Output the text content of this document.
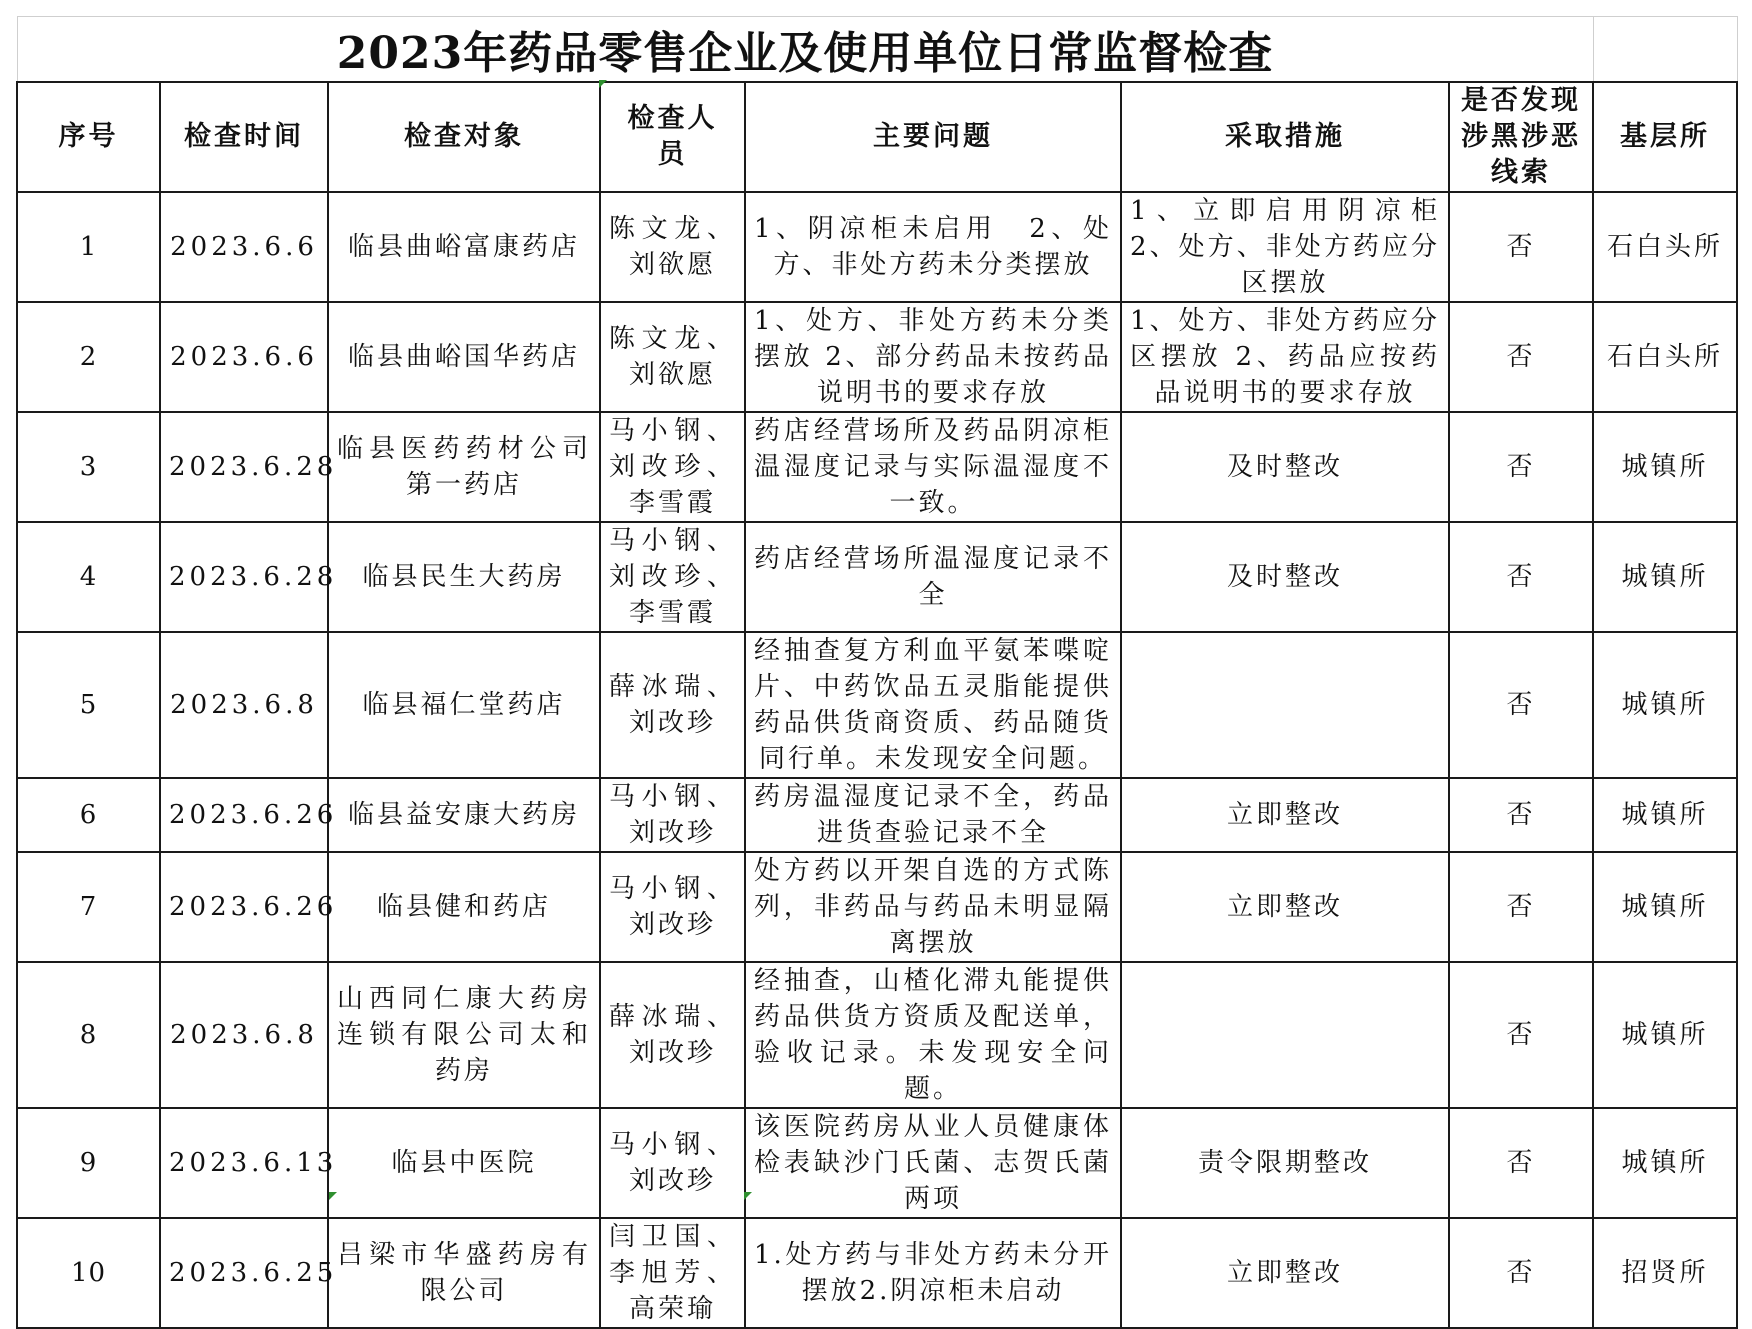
2023年药品零售企业及使用单位日常监督检查							
序号	检查时间	检查对象	检查人员	主要问题	采取措施	是否发现涉黑涉恶线索	基层所
1	2023.6.6	临县曲峪富康药店	陈文龙、刘欲愿	1、阴凉柜未启用　2、处方、非处方药未分类摆放	1、立即启用阴凉柜　2、处方、非处方药应分区摆放	否	石白头所
2	2023.6.6	临县曲峪国华药店	陈文龙、刘欲愿	1、处方、非处方药未分类摆放 2、部分药品未按药品说明书的要求存放	1、处方、非处方药应分区摆放 2、药品应按药品说明书的要求存放	否	石白头所
3	2023.6.28	临县医药药材公司第一药店	马小钢、刘改珍、李雪霞	药店经营场所及药品阴凉柜温湿度记录与实际温湿度不一致。	及时整改	否	城镇所
4	2023.6.28	临县民生大药房	马小钢、刘改珍、李雪霞	药店经营场所温湿度记录不全	及时整改	否	城镇所
5	2023.6.8	临县福仁堂药店	薛冰瑞、刘改珍	经抽查复方利血平氨苯喋啶片、中药饮品五灵脂能提供药品供货商资质、药品随货同行单。未发现安全问题。		否	城镇所
6	2023.6.26	临县益安康大药房	马小钢、刘改珍	药房温湿度记录不全，药品进货查验记录不全	立即整改	否	城镇所
7	2023.6.26	临县健和药店	马小钢、刘改珍	处方药以开架自选的方式陈列，非药品与药品未明显隔离摆放	立即整改	否	城镇所
8	2023.6.8	山西同仁康大药房连锁有限公司太和药房	薛冰瑞、刘改珍	经抽查，山楂化滞丸能提供药品供货方资质及配送单，验收记录。未发现安全问题。		否	城镇所
9	2023.6.13	临县中医院	马小钢、刘改珍	该医院药房从业人员健康体检表缺沙门氏菌、志贺氏菌两项	责令限期整改	否	城镇所
10	2023.6.25	吕梁市华盛药房有限公司	闫卫国、李旭芳、高荣瑜	1.处方药与非处方药未分开摆放2.阴凉柜未启动	立即整改	否	招贤所
